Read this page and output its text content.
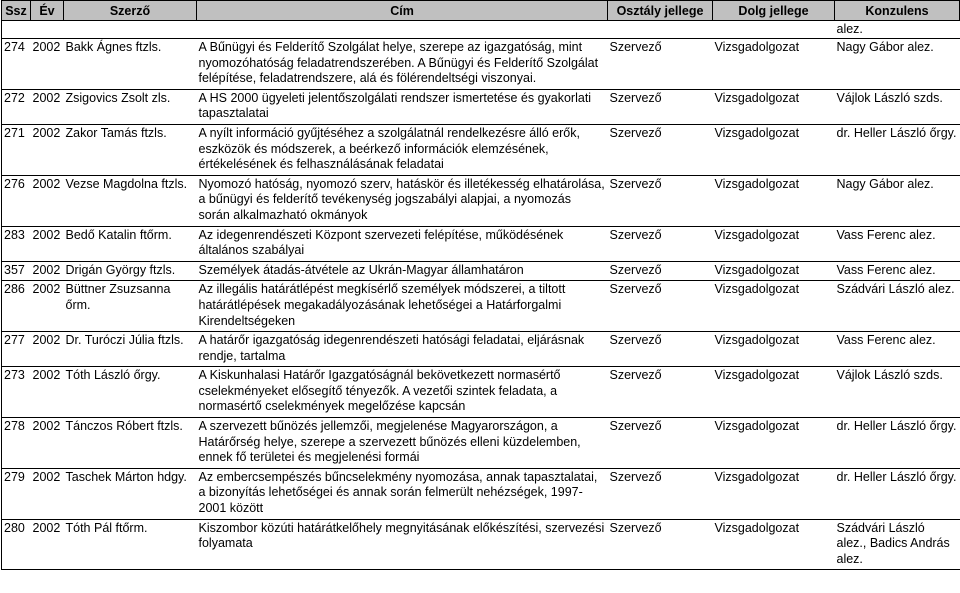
Ssz	Év	Szerző	Cím	Osztály jellege	Dolg jellege	Konzulens
						alez.
274	2002	Bakk Ágnes ftzls.	A Bűnügyi és Felderítő Szolgálat helye, szerepe az igazgatóság, mint nyomozóhatóság feladatrendszerében. A Bűnügyi és Felderítő Szolgálat felépítése, feladatrendszere, alá és fölérendeltségi viszonyai.	Szervező	Vizsgadolgozat	Nagy Gábor alez.
272	2002	Zsigovics Zsolt zls.	A HS 2000 ügyeleti jelentőszolgálati rendszer ismertetése és gyakorlati tapasztalatai	Szervező	Vizsgadolgozat	Vájlok László szds.
271	2002	Zakor Tamás ftzls.	A nyílt információ gyűjtéséhez a szolgálatnál rendelkezésre álló erők, eszközök és módszerek, a beérkező információk elemzésének, értékelésének és felhasználásának feladatai	Szervező	Vizsgadolgozat	dr. Heller László őrgy.
276	2002	Vezse Magdolna ftzls.	Nyomozó hatóság, nyomozó szerv, hatáskör és illetékesség elhatárolása, a bűnügyi és felderítő tevékenység jogszabályi alapjai, a nyomozás során alkalmazható okmányok	Szervező	Vizsgadolgozat	Nagy Gábor alez.
283	2002	Bedő Katalin ftőrm.	Az idegenrendészeti Központ szervezeti felépítése, működésének általános szabályai	Szervező	Vizsgadolgozat	Vass Ferenc alez.
357	2002	Drigán György ftzls.	Személyek átadás-átvétele az Ukrán-Magyar államhatáron	Szervező	Vizsgadolgozat	Vass Ferenc alez.
286	2002	Büttner Zsuzsanna őrm.	Az illegális határátlépést megkísérlő személyek módszerei, a tiltott határátlépések megakadályozásának lehetőségei a Határforgalmi Kirendeltségeken	Szervező	Vizsgadolgozat	Szádvári László alez.
277	2002	Dr. Turóczi Júlia ftzls.	A határőr igazgatóság idegenrendészeti hatósági feladatai, eljárásnak rendje, tartalma	Szervező	Vizsgadolgozat	Vass Ferenc alez.
273	2002	Tóth László őrgy.	A Kiskunhalasi Határőr Igazgatóságnál bekövetkezett normasértő cselekményeket elősegítő tényezők. A vezetői szintek feladata, a normasértő cselekmények megelőzése kapcsán	Szervező	Vizsgadolgozat	Vájlok László szds.
278	2002	Tánczos Róbert ftzls.	A szervezett bűnözés jellemzői, megjelenése Magyarországon, a Határőrség helye, szerepe a szervezett bűnözés elleni küzdelemben, ennek fő területei és megjelenési formái	Szervező	Vizsgadolgozat	dr. Heller László őrgy.
279	2002	Taschek Márton hdgy.	Az embercsempészés bűncselekmény nyomozása, annak tapasztalatai, a bizonyítás lehetőségei és annak során felmerült nehézségek, 1997-2001 között	Szervező	Vizsgadolgozat	dr. Heller László őrgy.
280	2002	Tóth Pál ftőrm.	Kiszombor közúti határátkelőhely megnyitásának előkészítési, szervezési folyamata	Szervező	Vizsgadolgozat	Szádvári László alez., Badics András alez.
